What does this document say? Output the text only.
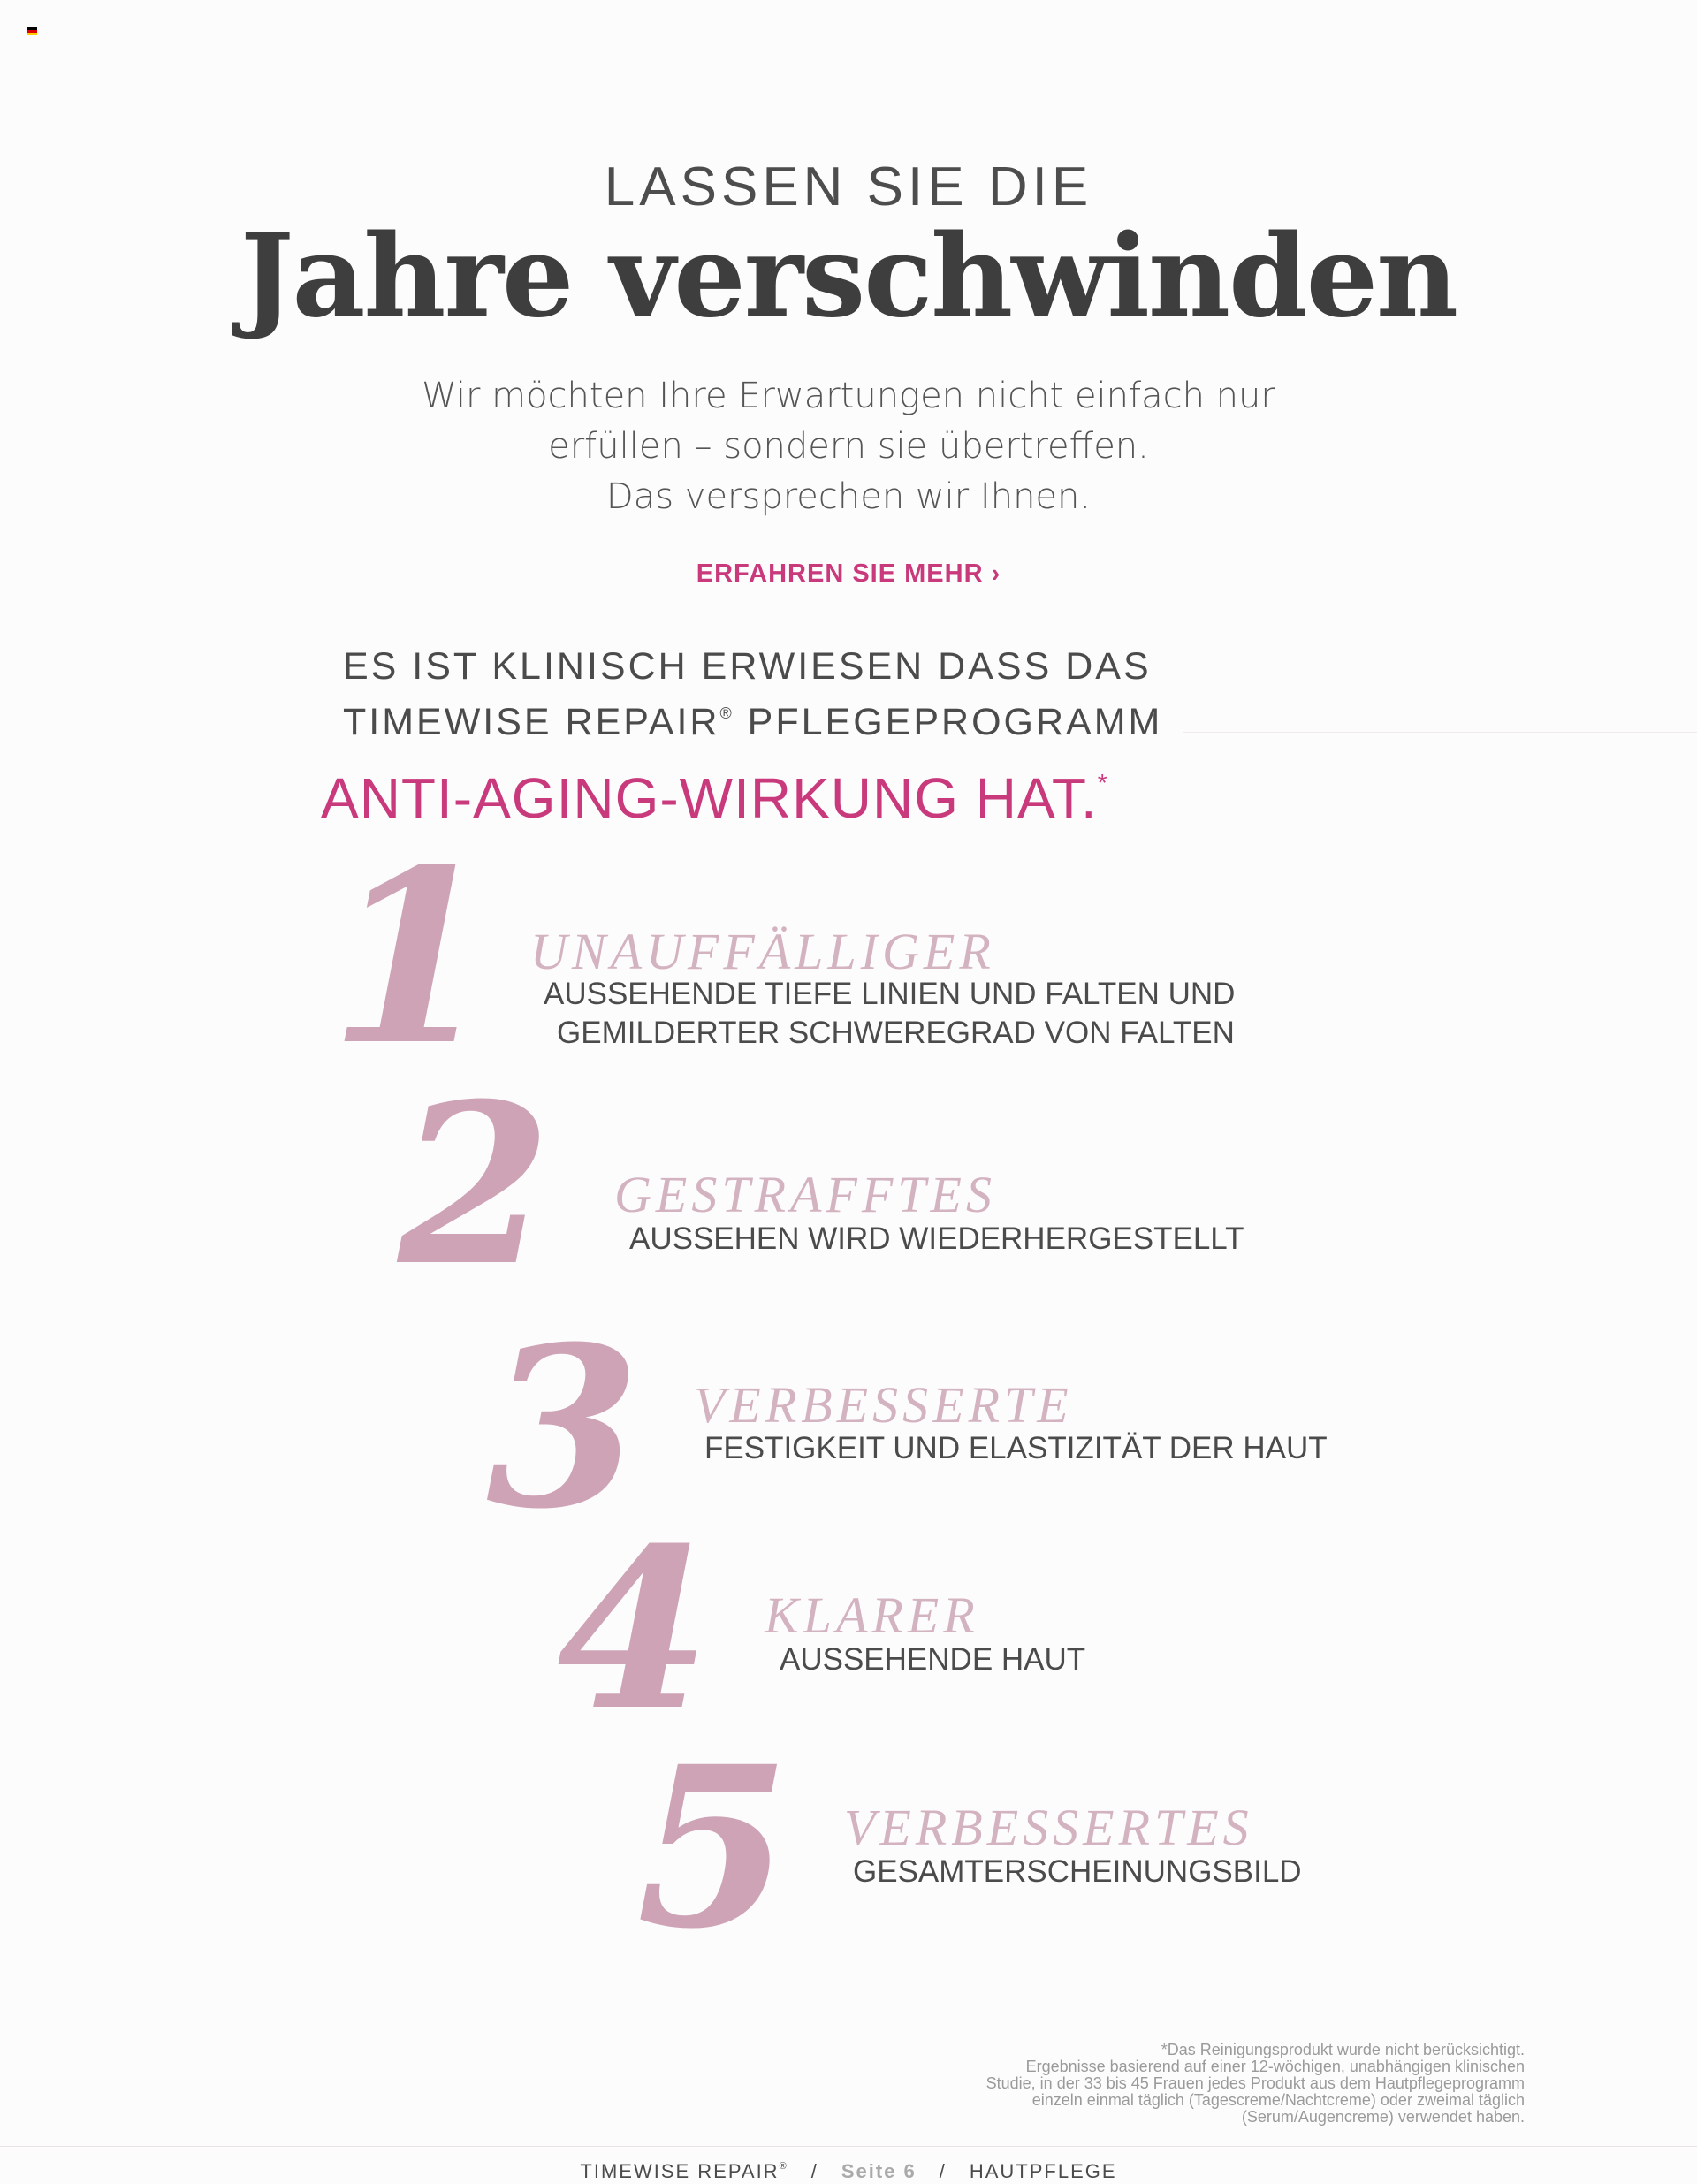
LASSEN SIE DIE
Jahre verschwinden
Wir möchten Ihre Erwartungen nicht einfach nur
erfüllen – sondern sie übertreffen.
Das versprechen wir Ihnen.
ERFAHREN SIE MEHR ›
ES IST KLINISCH ERWIESEN DASS DAS
TIMEWISE REPAIR® PFLEGEPROGRAMM
ANTI-AGING-WIRKUNG HAT.*
1 UNAUFFÄLLIGER
AUSSEHENDE TIEFE LINIEN UND FALTEN UND
GEMILDERTER SCHWEREGRAD VON FALTEN
2 GESTRAFFTES
AUSSEHEN WIRD WIEDERHERGESTELLT
3 VERBESSERTE
FESTIGKEIT UND ELASTIZITÄT DER HAUT
4 KLARER
AUSSEHENDE HAUT
5 VERBESSERTES
GESAMTERSCHEINUNGSBILD
*Das Reinigungsprodukt wurde nicht berücksichtigt.
Ergebnisse basierend auf einer 12-wöchigen, unabhängigen klinischen
Studie, in der 33 bis 45 Frauen jedes Produkt aus dem Hautpflegeprogramm
einzeln einmal täglich (Tagescreme/Nachtcreme) oder zweimal täglich
(Serum/Augencreme) verwendet haben.
TIMEWISE REPAIR® / Seite 6 / HAUTPFLEGE
